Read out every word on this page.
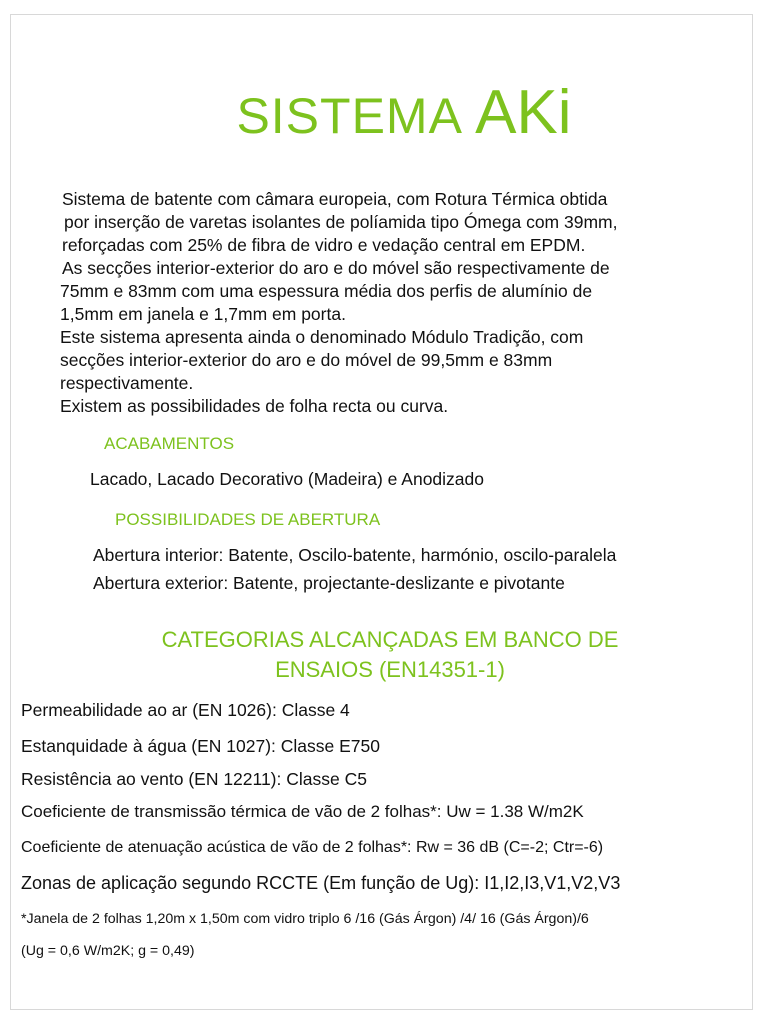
SISTEMA AKi
Sistema de batente com câmara europeia, com Rotura Térmica obtida
por inserção de varetas isolantes de políamida tipo Ómega com 39mm,
reforçadas com 25% de fibra de vidro e vedação central em EPDM.
As secções interior-exterior do aro e do móvel são respectivamente de
75mm e 83mm com uma espessura média dos perfis de alumínio de
1,5mm em janela e 1,7mm em porta.
Este sistema apresenta ainda o denominado Módulo Tradição, com
secções interior-exterior do aro e do móvel de 99,5mm e 83mm
respectivamente.
Existem as possibilidades de folha recta ou curva.
ACABAMENTOS
Lacado, Lacado Decorativo (Madeira) e Anodizado
POSSIBILIDADES DE ABERTURA
Abertura interior: Batente, Oscilo-batente, harmónio, oscilo-paralela
Abertura exterior: Batente, projectante-deslizante e pivotante
CATEGORIAS ALCANÇADAS EM BANCO DE
ENSAIOS (EN14351-1)
Permeabilidade ao ar (EN 1026): Classe 4
Estanquidade à água (EN 1027): Classe E750
Resistência ao vento (EN 12211): Classe C5
Coeficiente de transmissão térmica de vão de 2 folhas*: Uw = 1.38 W/m2K
Coeficiente de atenuação acústica de vão de 2 folhas*: Rw = 36 dB (C=-2; Ctr=-6)
Zonas de aplicação segundo RCCTE (Em função de Ug): I1,I2,I3,V1,V2,V3
*Janela de 2 folhas 1,20m x 1,50m com vidro triplo 6 /16 (Gás Árgon) /4/ 16 (Gás Árgon)/6
(Ug = 0,6 W/m2K; g = 0,49)
